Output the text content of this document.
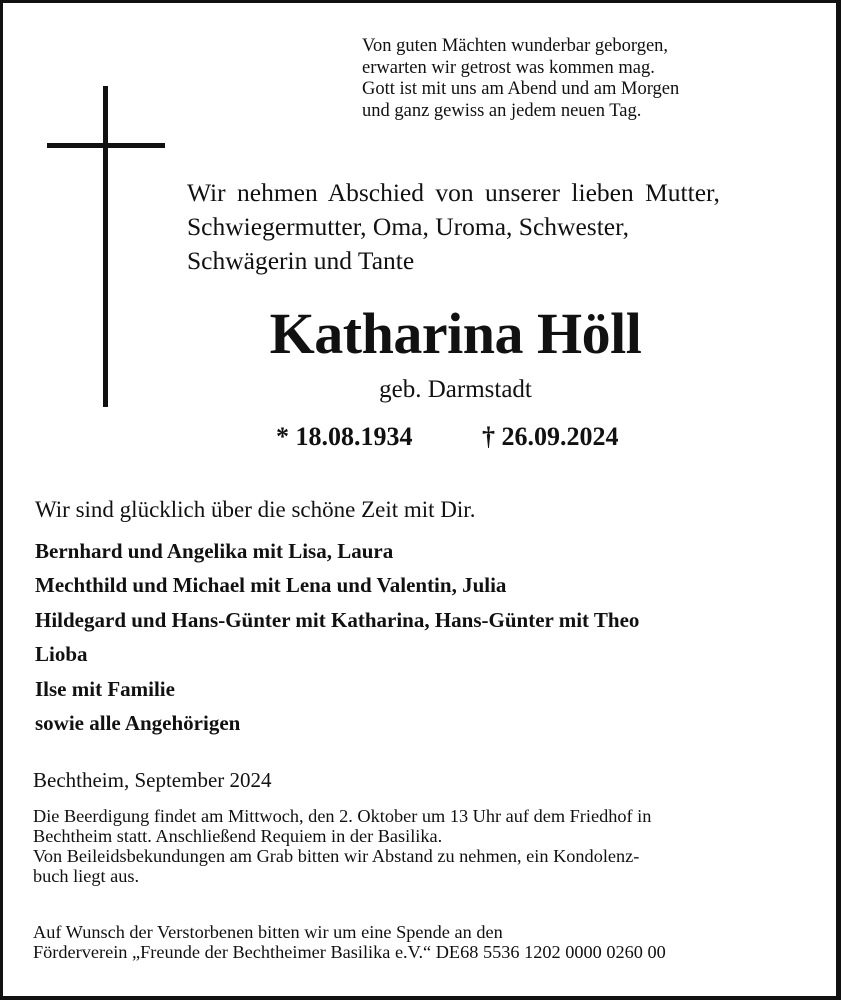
Von guten Mächten wunderbar geborgen,
erwarten wir getrost was kommen mag.
Gott ist mit uns am Abend und am Morgen
und ganz gewiss an jedem neuen Tag.
Wir nehmen Abschied von unserer lieben Mutter,
Schwiegermutter, Oma, Uroma, Schwester,
Schwägerin und Tante
Katharina Höll
geb. Darmstadt
* 18.08.1934	† 26.09.2024
Wir sind glücklich über die schöne Zeit mit Dir.
Bernhard und Angelika mit Lisa, Laura
Mechthild und Michael mit Lena und Valentin, Julia
Hildegard und Hans-Günter mit Katharina, Hans-Günter mit Theo
Lioba
Ilse mit Familie
sowie alle Angehörigen
Bechtheim, September 2024
Die Beerdigung findet am Mittwoch, den 2. Oktober um 13 Uhr auf dem Friedhof in
Bechtheim statt. Anschließend Requiem in der Basilika.
Von Beileidsbekundungen am Grab bitten wir Abstand zu nehmen, ein Kondolenz-
buch liegt aus.
Auf Wunsch der Verstorbenen bitten wir um eine Spende an den
Förderverein „Freunde der Bechtheimer Basilika e.V.“ DE68 5536 1202 0000 0260 00
